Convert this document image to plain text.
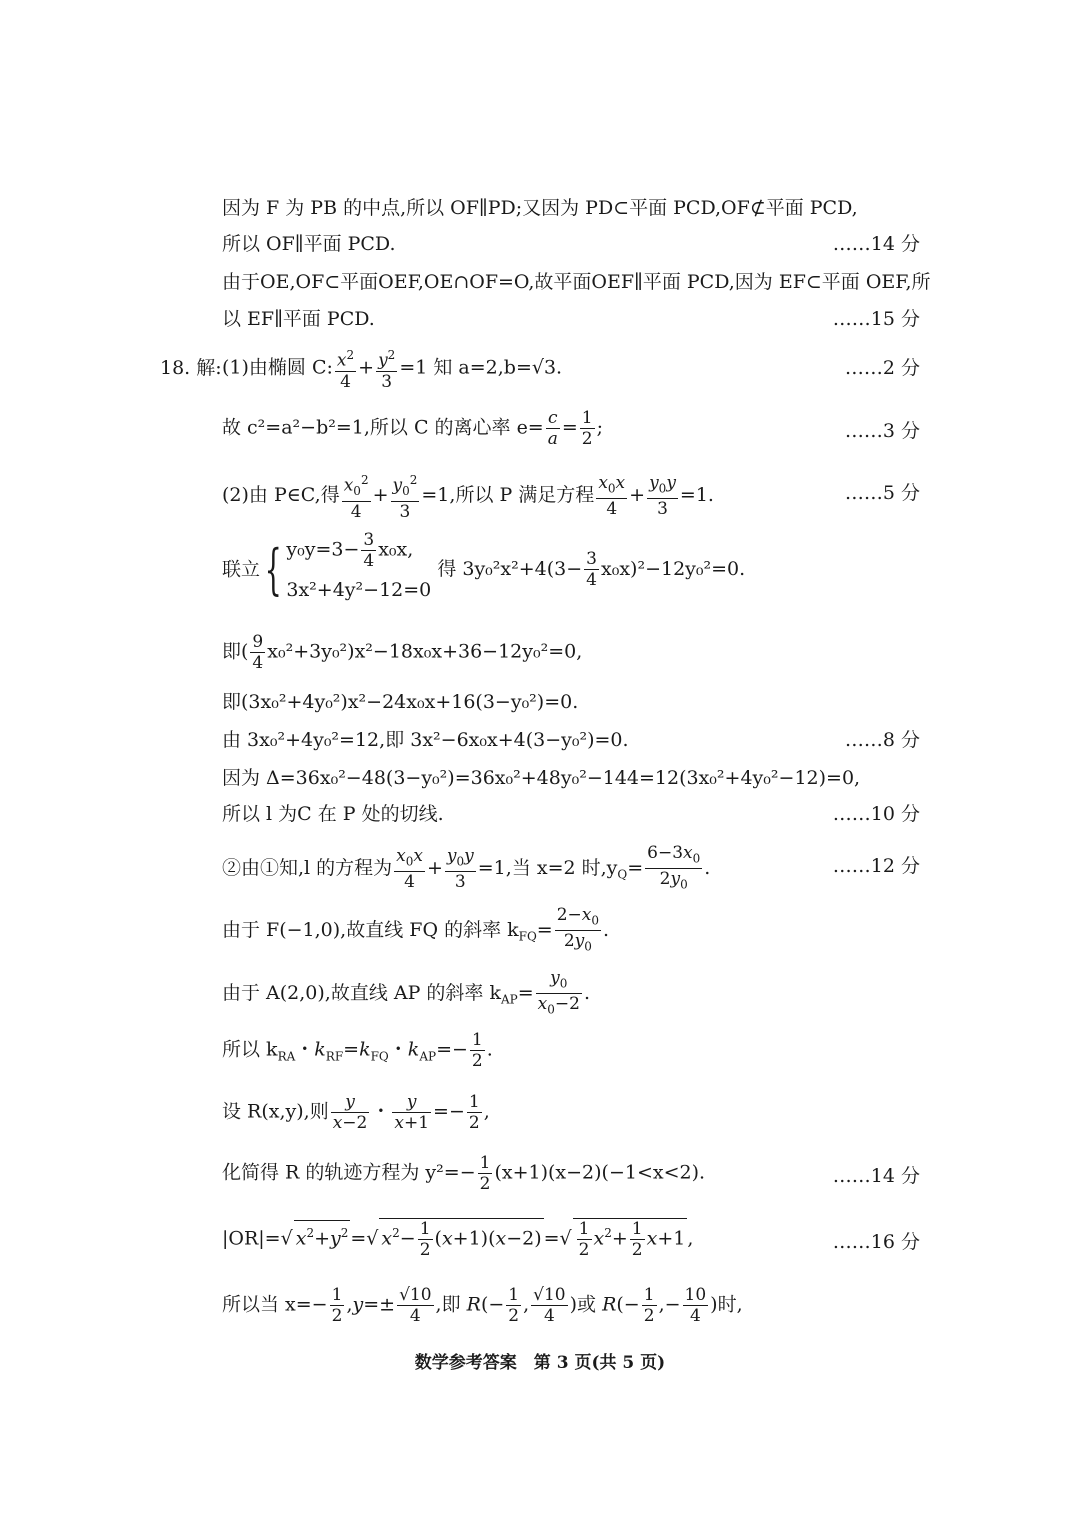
因为 F 为 PB 的中点,所以 OF∥PD;又因为 PD⊂平面 PCD,OF⊄平面 PCD,
所以 OF∥平面 PCD.	……14 分
由于OE,OF⊂平面OEF,OE∩OF=O,故平面OEF∥平面 PCD,因为 EF⊂平面 OEF,所
以 EF∥平面 PCD.	……15 分
18. 解: (1)由椭圆 C: $\frac{x^2}{4} + \frac{y^2}{3} =1$ 知 a=2,b=√3.	……2 分
故 c²=a²−b²=1,所以 C 的离心率 $e= \frac{c}{a} = \frac{1}{2}$ ;	……3 分
(2)由 P∈C,得 $\frac{x_0^2}{4} + \frac{y_0^2}{3} =1$,所以 P 满足方程 $\frac{x_0x}{4} + \frac{y_0y}{3} =1$.	……5 分
联立{ $y_0y=3- \frac{3}{4} x_0x$,
3x²+4y²−12=0
得 $3y_0^2x^2+4(3- \frac{3}{4} x_0x)^2-12y_0^2=0$.
即( $\frac{9}{4} x_0^2+3y_0^2)x^2-18x_0x+36-12y_0^2=0$,
即(3x₀²+4y₀²)x²−24x₀x+16(3−y₀²)=0.
由 3x₀²+4y₀²=12,即 3x²−6x₀x+4(3−y₀²)=0.	……8 分
因为 Δ=36x₀²−48(3−y₀²)=36x₀²+48y₀²−144=12(3x₀²+4y₀²−12)=0,
所以 l 为C 在 P 处的切线.	……10 分
②由①知,l 的方程为 $\frac{x_0x}{4} + \frac{y_0y}{3} =1$,当 x=2 时$,y_Q= \frac{6-3x_0}{2y_0}$ .	……12 分
由于 F(−1,0),故直线 FQ 的斜率 $k_{FQ}= \frac{2-x_0}{2y_0}$ .
由于 A(2,0),故直线 AP 的斜率 $k_{AP}= \frac{y_0}{x_0-2}$ .
所以 $k_{RA}$・$k_{RF}=k_{FQ}$・$k_{AP}=- \frac{1}{2}$ .
设 R(x,y),则 $\frac{y}{x-2}$ ・ $\frac{y}{x+1} =- \frac{1}{2}$ ,
化简得 R 的轨迹方程为 $y^2=- \frac{1}{2} (x+1)(x-2)(-1<x<2)$.	……14 分
|OR|=√ $x^2+y^2$ =√ $x^2- \frac{1}{2} (x+1)(x-2)$ =√ $\frac{1}{2} x^2+ \frac{1}{2} x+1$ ,	……16 分
所以当 $x=- \frac{1}{2} ,y=\pm \frac{√10}{4}$ ,即 $R(- \frac{1}{2}$ , $\frac{√10}{4}$ )或 $R(- \frac{1}{2}$ ,− $\frac{10}{4}$ )时,
数学参考答案　第 3 页(共 5 页)
